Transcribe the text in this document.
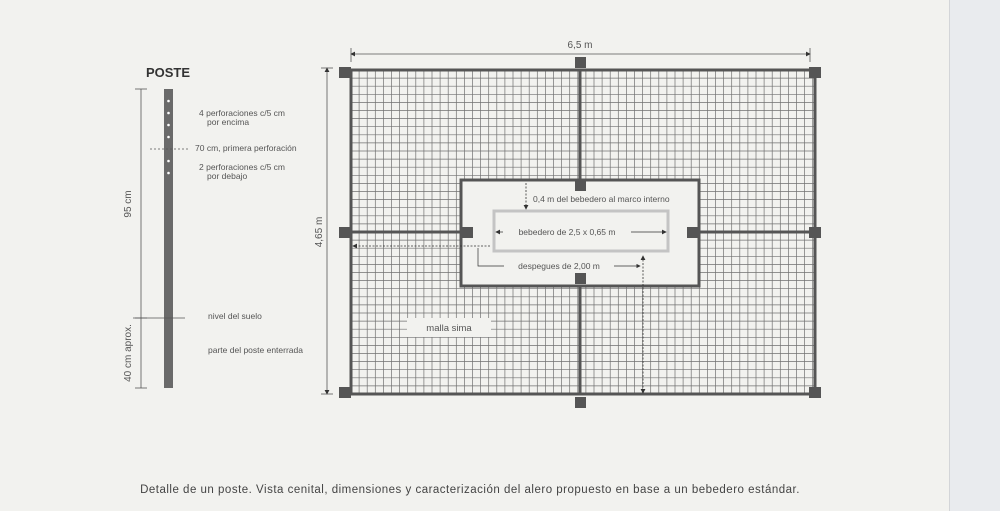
POSTE
95 cm
40 cm aprox.
4 perforaciones c/5 cm
por encima
70 cm, primera perforación
2 perforaciones c/5 cm
por debajo
nivel del suelo
parte del poste enterrada
6,5 m
4,65 m
0,4 m del bebedero al marco interno
bebedero de 2,5 x 0,65 m
despegues de 2,00 m
malla sima
Detalle de un poste. Vista cenital, dimensiones y caracterización del alero propuesto en base a un bebedero estándar.
